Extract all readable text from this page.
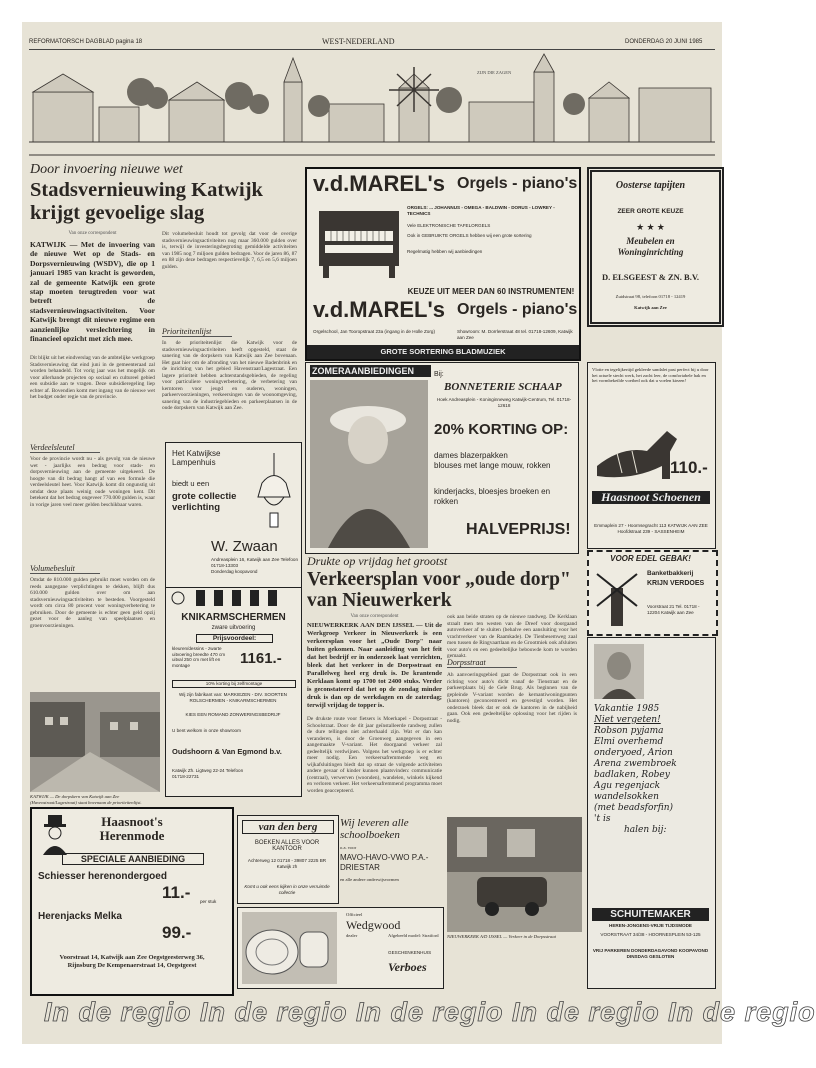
REFORMATORSCH DAGBLAD pagina 18	WEST-NEDERLAND	DONDERDAG 20 JUNI 1985
ZIJN DIE ZAGEN
Door invoering nieuwe wet
Stadsvernieuwing Katwijk krijgt gevoelige slag
Van onze correspondent
KATWIJK — Met de invoering van de nieuwe Wet op de Stads- en Dorpsvernieuwing (WSDV), die op 1 januari 1985 van kracht is geworden, zal de gemeente Katwijk een grote stap moeten terugtreden voor wat betreft de stadsvernieuwingsactiviteiten. Voor Katwijk brengt dit nieuwe regime een aanzienlijke verslechtering in financieel opzicht met zich mee.
Dit blijkt uit het eindverslag van de ambtelijke werkgroep Stadsvernieuwing dat eind juni in de gemeenteraad zal worden behandeld. Tot vorig jaar was het mogelijk om voor allerhande projecten op sociaal en cultureel gebied een subsidie aan te vragen. Deze subsidieregeling liep echter af. Bovendien komt met ingang van de nieuwe wet het budget onder regie van de provincie.
Verdeelsleutel
Voor de provincie wordt nu - als gevolg van de nieuwe wet - jaarlijks een bedrag voor stads- en dorpsvernieuwing aan de gemeente uitgekeerd. De hoogte van dit bedrag hangt af van een formule die verdeelsleutel heet. Voor Katwijk komt dit ongunstig uit omdat deze plaats weinig oude woningen kent. Dit betekent dat het bedrag ongeveer 770.000 gulden is, waar in vorige jaren veel meer gelden beschikbaar waren.
Volumebesluit
Omdat de 810.000 gulden gebruikt moet worden om de reeds aangegane verplichtingen te dekken, blijft dus 610.000 gulden over om aan stadsvernieuwingsactiviteiten te besteden. Voorgesteld wordt om circa 80 procent voor woningverbetering te gebruiken. Door de gemeente is echter geen geld opzij gezet voor de aanleg van speelplaatsen en groenvoorzieningen.
Dit volumebesluit houdt tot gevolg dat voor de overige stadsvernieuwingsactiviteiten nog maar 360.000 gulden over is, terwijl de investeringsbegroting gemiddelde activiteiten van 1985 nog 7 miljoen gulden bedragen. Voor de jaren 86, 87 en 88 zijn deze bedragen respectievelijk 7, 6,5 en 5,6 miljoen gulden.
Prioriteitenlijst
In de prioriteitenlijst die Katwijk voor de stadsvernieuwingsactiviteiten heeft opgesteld, staat de sanering van de dorpskern van Katwijk aan Zee bovenaan. Het gaat hier om de afronding van het nieuwe Badenbrink en de inrichting van het gebied Havenstraat/Lagestraat. Een lagere prioriteit hebben achterstandsgebieden, de regeling voor particuliere woningverbetering, de verbetering van kerntoren voor jeugd en ouderen, woningen, parkeervoorzieningen, verkeersingen van de woonomgeving, sanering van de industriegebieden en parkeerplaatsen in de oude dorpskern van Katwijk aan Zee.
KATWIJK — De dorpskern van Katwijk aan Zee (Havenstraat/Lagestraat) staat bovenaan de prioriteitenlijst.
Het Katwijkse Lampenhuis
biedt u een
grote collectie verlichting
W. Zwaan
Andreasplein 16, Katwijk aan Zee Telefoon 01718-13303
Donderdag koopavond
KNIKARMSCHERMEN
zware uitvoering
Prijsvoordeel:
kleuren/dessins - zwarte uitvoering breedte 470 cm uitval 250 cm met lift en montage	1161.-
10% korting bij zelfmontage
Wij zijn fabrikant van: MARKIEZEN - DIV. SOORTEN ROLSCHERMEN - KNIKARMSCHERMEN
KIES EEN ROMAND ZONWERINGSBEDRIJF
U bent welkom in onze showroom
Oudshoorn & Van Egmond b.v.
Katwijk Zh. Ligtweg 22-24 Telefoon 01718-22731
v.d.MAREL's Orgels - piano's
ORGELS: ... JOHANNUS - OMEGA - BALDWIN - DORUS - LOWREY - TECHNICS
Vele ELEKTRONISCHE TAFELORGELS
Ook in GEBRUIKTE ORGELS hebben wij een grote sortering
Regelmatig hebben wij aanbiedingen
KEUZE UIT MEER DAN 60 INSTRUMENTEN!
v.d.MAREL's Orgels - piano's
Orgelschool, Jan Tooropstraat 23a (ingang in de Holle Zorg)	Showroom: M. Dorrlerstraat 48 tel. 01718-12609, Katwijk aan Zee
GROTE SORTERING BLADMUZIEK
Oosterse tapijten
ZEER GROTE KEUZE
★ ★ ★
Meubelen en Woninginrichting
D. ELSGEEST & ZN. B.V.
Zuidstraat 98, telefoon 01718 - 12419
Katwijk aan Zee
ZOMERAANBIEDINGEN	Bij:
BONNETERIE SCHAAP
Hoek Andreasplein - Koninginneweg Katwijk-Centrum, Tel. 01718-12618
20% KORTING OP:
dames blazerpakken
blouses met lange mouw, rokken
kinderjacks, bloesjes broeken en rokken
HALVEPRIJS!
Vlotte en tegelijkertijd gekleede sandalet past perfect bij u door het actuele stecht werk, het zacht leer, de comfortabele hak en het vormbekeilde voetbed ook dat u voelen kiezen!
110.-
Haasnoot Schoenen
Emmaplein 27 - Hoornsegracht 113 KATWIJK AAN ZEE Hoofdstraat 239 - SASSENHEIM
Drukte op vrijdag het grootst
Verkeersplan voor „oude dorp" van Nieuwerkerk
Van onze correspondent
NIEUWERKERK AAN DEN IJSSEL — Uit de Werkgroep Verkeer in Nieuwerkerk is een verkeersplan voor het „Oude Dorp" naar buiten gekomen. Naar aanleiding van het feit dat het bedrijf er in onderzoek laat verrichten, bleek dat het verkeer in de Dorpsstraat en Parallelweg heel erg druk is. De krantende Kerklaan komt op 1700 tot 2400 stuks. Verder is geconstateerd dat het op de zondag minder druk is dan op de werkdagen en de zaterdag; terwijl vrijdag de topper is.
De drukste route voor fietsers is Moerkapel - Dorpsstraat - Schoolstraat. Door de dit jaar geïnstalleerde randweg zullen de dure tellingen niet achterhaald zijn. Wat er dan kan veranderen, is door de Groenweg aangegeven in een aangemaakte V-variant. Het doorgaand verkeer zal gedeeltelijk verdwijnen. Volgens het werkgroep is er echter meer nodig. Een verkeersafremmende weg en wijkafsluitingen biedt dat op straat de volgende activiteiten andere gevaar of kinder kunnen plaatsvinden: communicatie (centraal), verwerven (woonden), wandelen, winkels kijkend en verloren verkeer. Het verkeersafremmend programma moet worden geaccepteerd.
ook aan beide straten op de nieuwe randweg. De Kerklaan straalt men ten westen van de Dreef voor doorgaand autoverkeer af te sluiten (behalve een aansluiting voor het vrachtverkeer van de Raamkade). De Tienbesemweg zaal men tussen de Ringvaartlaan en de Grootmiek ook afsluiten voor auto's en een gedeeltelijke bebouwde kom te worden gemaakt.
Dorpsstraat
Ah aanvoeringsgebied gaat de Dorpsstraat ook in een richting voor auto's dicht vanaf de Tienstraat en de parkeerplaats bij de Gele Brug. Als beginnen van de gepleinde V-variant worden de kernantiwoningpunten (kantoren) geconcentreerd en gevestigd worden. Het onderzoek bleek dat er ook de kantoren in de nabijheid gaan. Ook een gedeeltelijke oplossing voor het rijden is nodig.
VOOR EDEL GEBAK!
Banketbakkerij
KRIJN VERDOES
Voorstraat 21 Tel. 01718 - 12204 Katwijk aan Zee
Vakantie 1985
Niet vergeten!
Robson pyjama
Elmi overhemd
onderyoed, Arion
Arena zwembroek
badlaken, Robey
Agu regenjack
wandelsokken
(met beadsforfin)
't is
halen bij:
SCHUITEMAKER
HEREN-JONGENS-VRIJE TIJDSMODE
VOORSTRAAT 34/38 - HOORNESPLEIN 53-125
VRIJ PARKEREN DONDERDAGAVOND KOOPAVOND DINSDAG GESLOTEN
NIEUWERKERK A/D IJSSEL — Verkeer in de Dorpsstraat
Haasnoot's Herenmode
SPECIALE AANBIEDING
Schiesser herenondergoed
11.- per stuk
Herenjacks Melka
99.-
Voorstraat 14, Katwijk aan Zee Oegstgeesterweg 36, Rijnsburg De Kempenaerstraat 14, Oegstgeest
van den berg
BOEKEN ALLES VOOR KANTOOR
Achterweg 12 01718 - 39807 2225 BR Katwijk zh
Komt u ook eens kijken in onze verruimde collectie
Wij leveren alle schoolboeken
o.a. voor
MAVO-HAVO-VWO P.A.-DRIESTAR
en alle andere onderwijsvormen
Officieel
Wedgwood
dealer	Afgebeeld model: Stratford
GESCHENKENHUIS
Verboes
In de regio In de regio In de regio In de regio In de regio
